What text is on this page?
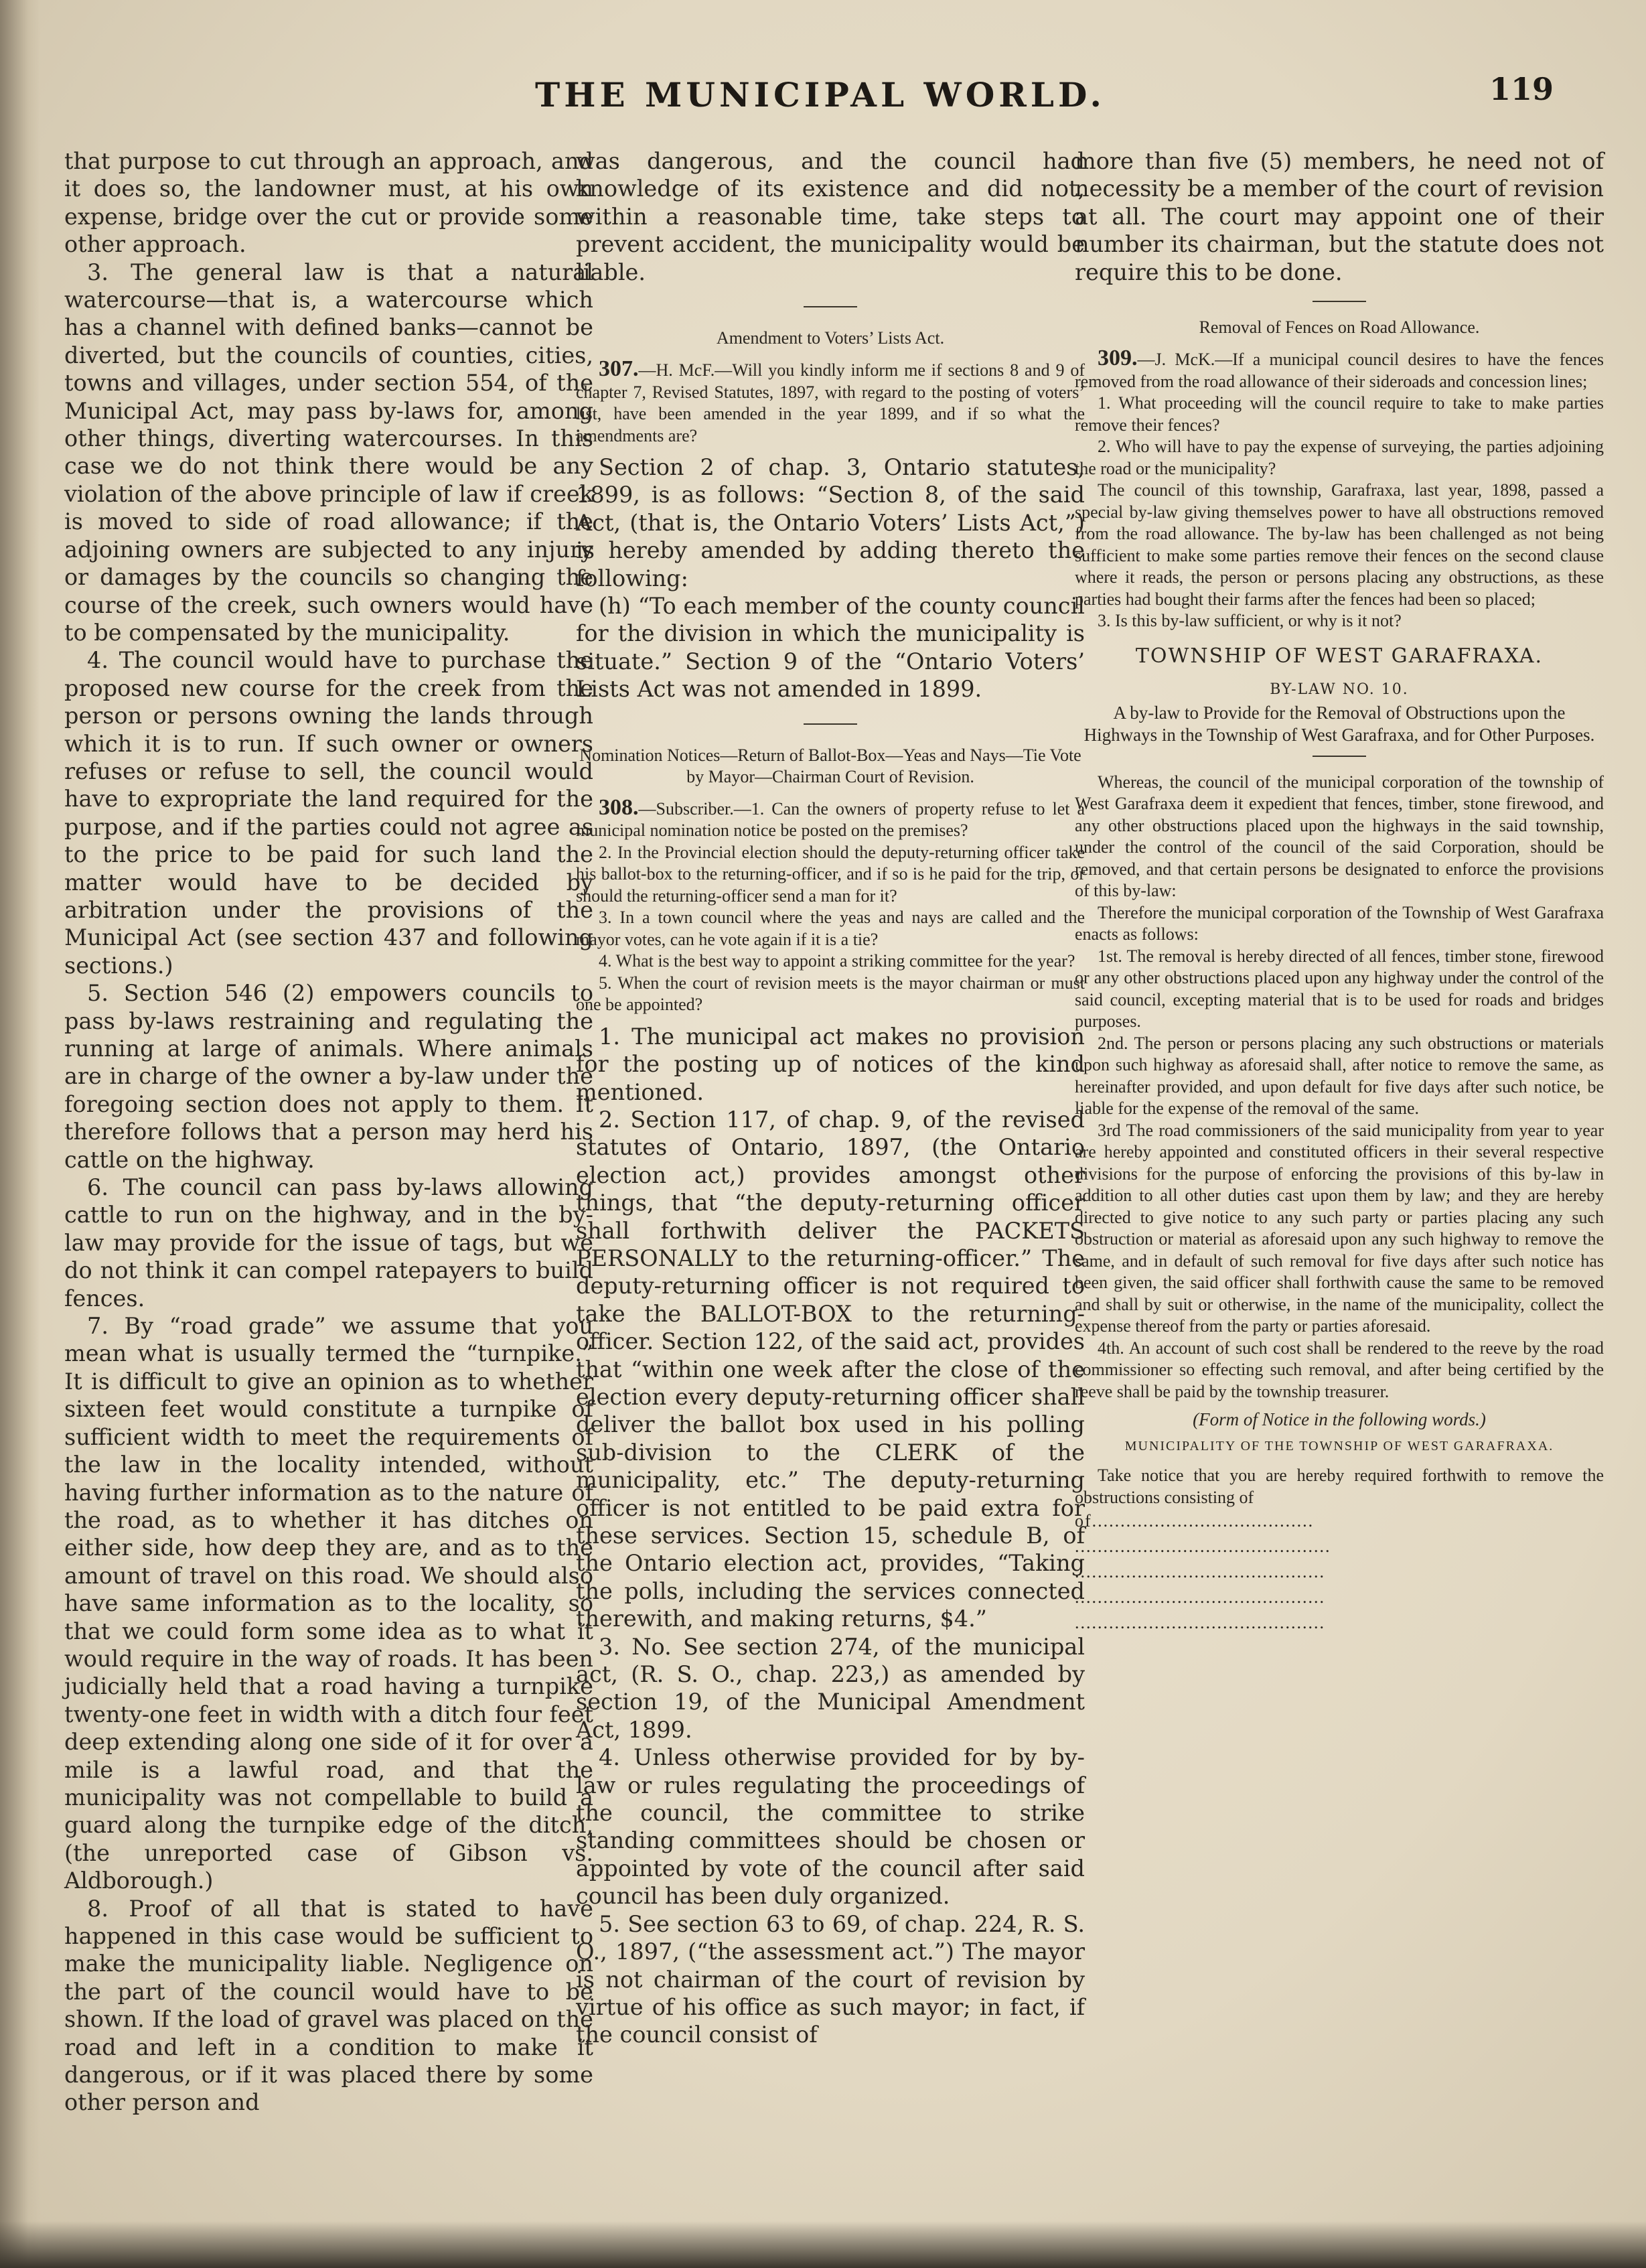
THE MUNICIPAL WORLD.	119

that purpose to cut through an approach, and it does so, the landowner must, at his own expense, bridge over the cut or provide some other approach.

3. The general law is that a natural watercourse—that is, a watercourse which has a channel with defined banks—cannot be diverted, but the councils of counties, cities, towns and villages, under section 554, of the Municipal Act, may pass by-laws for, among other things, diverting watercourses. In this case we do not think there would be any violation of the above principle of law if creek is moved to side of road allowance; if the adjoining owners are subjected to any injury or damages by the councils so changing the course of the creek, such owners would have to be compensated by the municipality.

4. The council would have to purchase the proposed new course for the creek from the person or persons owning the lands through which it is to run. If such owner or owners refuses or refuse to sell, the council would have to expropriate the land required for the purpose, and if the parties could not agree as to the price to be paid for such land the matter would have to be decided by arbitration under the provisions of the Municipal Act (see section 437 and following sections.)

5. Section 546 (2) empowers councils to pass by-laws restraining and regulating the running at large of animals. Where animals are in charge of the owner a by-law under the foregoing section does not apply to them. It therefore follows that a person may herd his cattle on the highway.

6. The council can pass by-laws allowing cattle to run on the highway, and in the by-law may provide for the issue of tags, but we do not think it can compel ratepayers to build fences.

7. By “road grade” we assume that you mean what is usually termed the “turnpike.” It is difficult to give an opinion as to whether sixteen feet would constitute a turnpike of sufficient width to meet the requirements of the law in the locality intended, without having further information as to the nature of the road, as to whether it has ditches on either side, how deep they are, and as to the amount of travel on this road. We should also have same information as to the locality, so that we could form some idea as to what it would require in the way of roads. It has been judicially held that a road having a turnpike twenty-one feet in width with a ditch four feet deep extending along one side of it for over a mile is a lawful road, and that the municipality was not compellable to build a guard along the turnpike edge of the ditch, (the unreported case of Gibson vs. Aldborough.)

8. Proof of all that is stated to have happened in this case would be sufficient to make the municipality liable. Negligence on the part of the council would have to be shown. If the load of gravel was placed on the road and left in a condition to make it dangerous, or if it was placed there by some other person and

was dangerous, and the council had knowledge of its existence and did not, within a reasonable time, take steps to prevent accident, the municipality would be liable.

Amendment to Voters’ Lists Act.

307.—H. McF.—Will you kindly inform me if sections 8 and 9 of chapter 7, Revised Statutes, 1897, with regard to the posting of voters’ list, have been amended in the year 1899, and if so what the amendments are?

Section 2 of chap. 3, Ontario statutes, 1899, is as follows: “Section 8, of the said Act, (that is, the Ontario Voters’ Lists Act,”) is hereby amended by adding thereto the following:

(h) “To each member of the county council for the division in which the municipality is situate.” Section 9 of the “Ontario Voters’ Lists Act was not amended in 1899.

Nomination Notices—Return of Ballot-Box—Yeas and Nays—Tie Vote by Mayor—Chairman Court of Revision.

308.—Subscriber.—1. Can the owners of property refuse to let a municipal nomination notice be posted on the premises?

2. In the Provincial election should the deputy-returning officer take his ballot-box to the returning-officer, and if so is he paid for the trip, or should the returning-officer send a man for it?

3. In a town council where the yeas and nays are called and the mayor votes, can he vote again if it is a tie?

4. What is the best way to appoint a striking committee for the year?

5. When the court of revision meets is the mayor chairman or must one be appointed?

1. The municipal act makes no provision for the posting up of notices of the kind mentioned.

2. Section 117, of chap. 9, of the revised statutes of Ontario, 1897, (the Ontario election act,) provides amongst other things, that “the deputy-returning officer shall forthwith deliver the PACKETS PERSONALLY to the returning-officer.” The deputy-returning officer is not required to take the BALLOT-BOX to the returning-officer. Section 122, of the said act, provides that “within one week after the close of the election every deputy-returning officer shall deliver the ballot box used in his polling sub-division to the CLERK of the municipality, etc.” The deputy-returning officer is not entitled to be paid extra for these services. Section 15, schedule B, of the Ontario election act, provides, “Taking the polls, including the services connected therewith, and making returns, $4.”

3. No. See section 274, of the municipal act, (R. S. O., chap. 223,) as amended by section 19, of the Municipal Amendment Act, 1899.

4. Unless otherwise provided for by by-law or rules regulating the proceedings of the council, the committee to strike standing committees should be chosen or appointed by vote of the council after said council has been duly organized.

5. See section 63 to 69, of chap. 224, R. S. O., 1897, (“the assessment act.”) The mayor is not chairman of the court of revision by virtue of his office as such mayor; in fact, if the council consist of

more than five (5) members, he need not of necessity be a member of the court of revision at all. The court may appoint one of their number its chairman, but the statute does not require this to be done.

Removal of Fences on Road Allowance.

309.—J. McK.—If a municipal council desires to have the fences removed from the road allowance of their sideroads and concession lines;

1. What proceeding will the council require to take to make parties remove their fences?

2. Who will have to pay the expense of surveying, the parties adjoining the road or the municipality?

The council of this township, Garafraxa, last year, 1898, passed a special by-law giving themselves power to have all obstructions removed from the road allowance. The by-law has been challenged as not being sufficient to make some parties remove their fences on the second clause where it reads, the person or persons placing any obstructions, as these parties had bought their farms after the fences had been so placed;

3. Is this by-law sufficient, or why is it not?

TOWNSHIP OF WEST GARAFRAXA.

BY-LAW NO. 10.

A by-law to Provide for the Removal of Obstructions upon the Highways in the Township of West Garafraxa, and for Other Purposes.

Whereas, the council of the municipal corporation of the township of West Garafraxa deem it expedient that fences, timber, stone firewood, and any other obstructions placed upon the highways in the said township, under the control of the council of the said Corporation, should be removed, and that certain persons be designated to enforce the provisions of this by-law:

Therefore the municipal corporation of the Township of West Garafraxa enacts as follows:

1st. The removal is hereby directed of all fences, timber stone, firewood or any other obstructions placed upon any highway under the control of the said council, excepting material that is to be used for roads and bridges purposes.

2nd. The person or persons placing any such obstructions or materials upon such highway as aforesaid shall, after notice to remove the same, as hereinafter provided, and upon default for five days after such notice, be liable for the expense of the removal of the same.

3rd The road commissioners of the said municipality from year to year are hereby appointed and constituted officers in their several respective divisions for the purpose of enforcing the provisions of this by-law in addition to all other duties cast upon them by law; and they are hereby directed to give notice to any such party or parties placing any such obstruction or material as aforesaid upon any such highway to remove the same, and in default of such removal for five days after such notice has been given, the said officer shall forthwith cause the same to be removed and shall by suit or otherwise, in the name of the municipality, collect the expense thereof from the party or parties aforesaid.

4th. An account of such cost shall be rendered to the reeve by the road commissioner so effecting such removal, and after being certified by the reeve shall be paid by the township treasurer.

(Form of Notice in the following words.)

MUNICIPALITY OF THE TOWNSHIP OF WEST GARAFRAXA.

Take notice that you are hereby required forthwith to remove the obstructions consisting of

of.......................................
.............................................
............................................
............................................
............................................
